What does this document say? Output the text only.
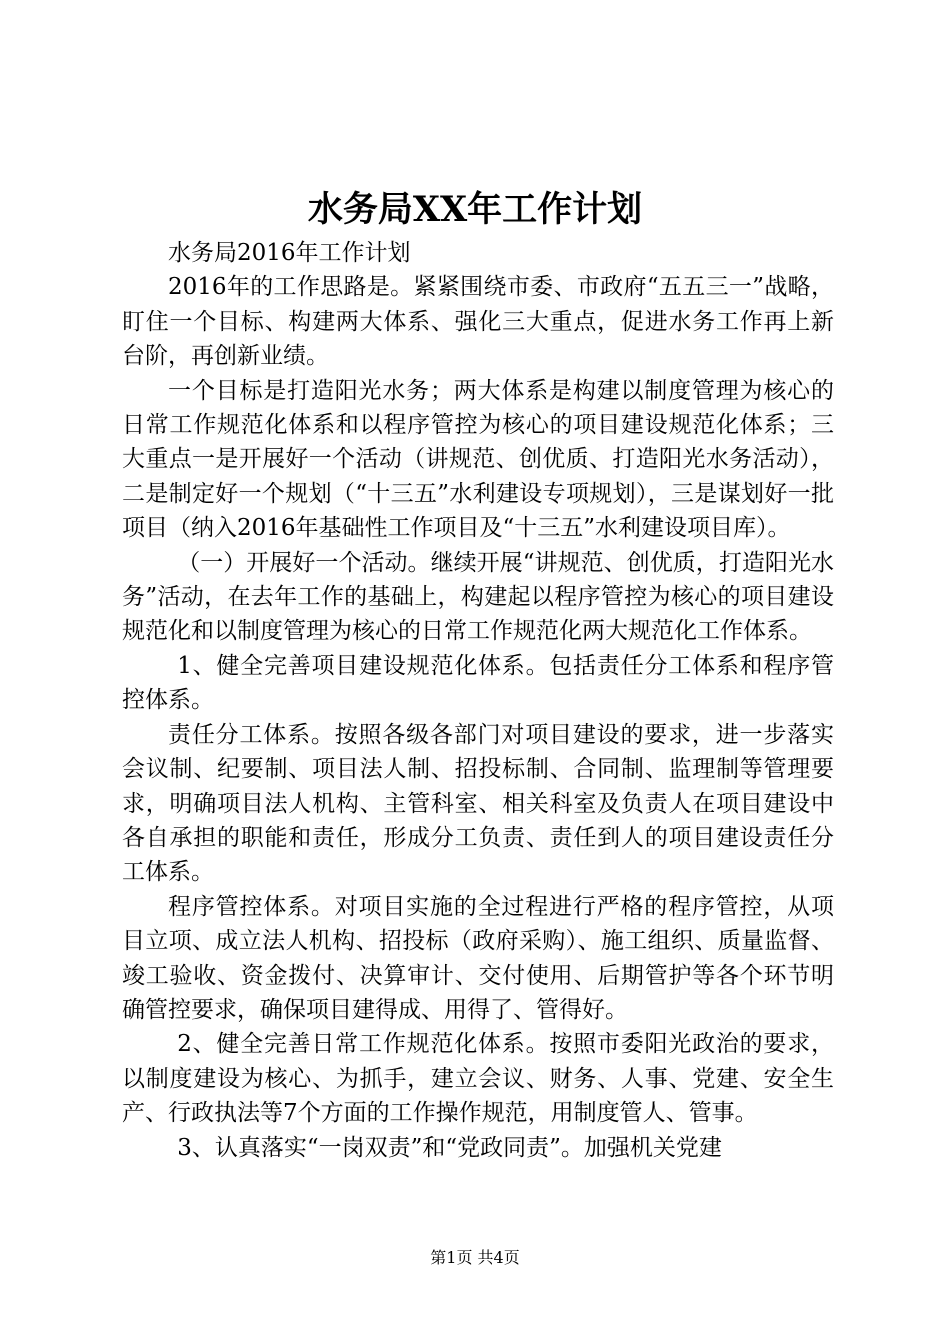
水务局XX年工作计划

水务局2016年工作计划

2016年的工作思路是。紧紧围绕市委、市政府“五五三一”战略，盯住一个目标、构建两大体系、强化三大重点，促进水务工作再上新台阶，再创新业绩。

一个目标是打造阳光水务；两大体系是构建以制度管理为核心的日常工作规范化体系和以程序管控为核心的项目建设规范化体系；三大重点一是开展好一个活动（讲规范、创优质、打造阳光水务活动），二是制定好一个规划（“十三五”水利建设专项规划），三是谋划好一批项目（纳入2016年基础性工作项目及“十三五”水利建设项目库）。

（一）开展好一个活动。继续开展“讲规范、创优质，打造阳光水务”活动，在去年工作的基础上，构建起以程序管控为核心的项目建设规范化和以制度管理为核心的日常工作规范化两大规范化工作体系。

1、健全完善项目建设规范化体系。包括责任分工体系和程序管控体系。

责任分工体系。按照各级各部门对项目建设的要求，进一步落实会议制、纪要制、项目法人制、招投标制、合同制、监理制等管理要求，明确项目法人机构、主管科室、相关科室及负责人在项目建设中各自承担的职能和责任，形成分工负责、责任到人的项目建设责任分工体系。

程序管控体系。对项目实施的全过程进行严格的程序管控，从项目立项、成立法人机构、招投标（政府采购）、施工组织、质量监督、竣工验收、资金拨付、决算审计、交付使用、后期管护等各个环节明确管控要求，确保项目建得成、用得了、管得好。

2、健全完善日常工作规范化体系。按照市委阳光政治的要求，以制度建设为核心、为抓手，建立会议、财务、人事、党建、安全生产、行政执法等7个方面的工作操作规范，用制度管人、管事。

3、认真落实“一岗双责”和“党政同责”。加强机关党建

第1页 共4页
